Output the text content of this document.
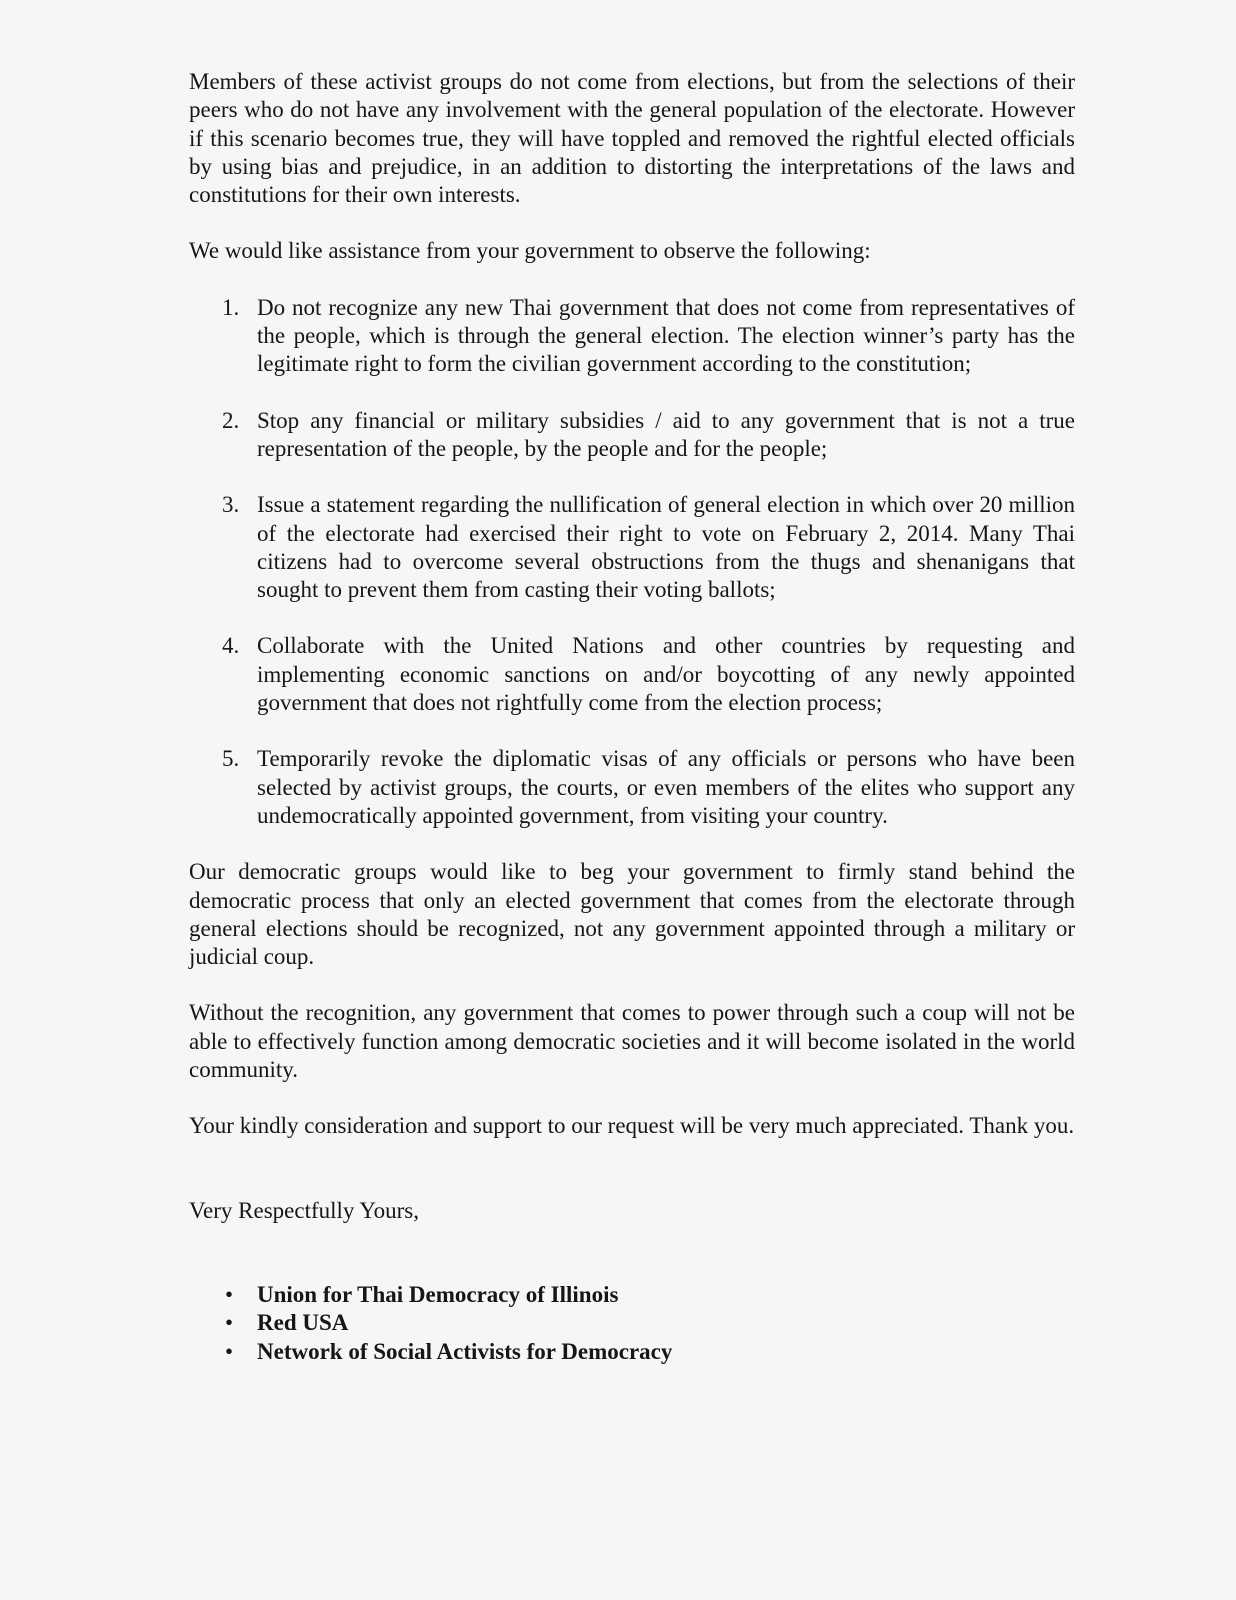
Members of these activist groups do not come from elections, but from the selections of their peers who do not have any involvement with the general population of the electorate. However if this scenario becomes true, they will have toppled and removed the rightful elected officials by using bias and prejudice, in an addition to distorting the interpretations of the laws and constitutions for their own interests.

We would like assistance from your government to observe the following:

1. Do not recognize any new Thai government that does not come from representatives of the people, which is through the general election. The election winner’s party has the legitimate right to form the civilian government according to the constitution;
2. Stop any financial or military subsidies / aid to any government that is not a true representation of the people, by the people and for the people;
3. Issue a statement regarding the nullification of general election in which over 20 million of the electorate had exercised their right to vote on February 2, 2014. Many Thai citizens had to overcome several obstructions from the thugs and shenanigans that sought to prevent them from casting their voting ballots;
4. Collaborate with the United Nations and other countries by requesting and implementing economic sanctions on and/or boycotting of any newly appointed government that does not rightfully come from the election process;
5. Temporarily revoke the diplomatic visas of any officials or persons who have been selected by activist groups, the courts, or even members of the elites who support any undemocratically appointed government, from visiting your country.

Our democratic groups would like to beg your government to firmly stand behind the democratic process that only an elected government that comes from the electorate through general elections should be recognized, not any government appointed through a military or judicial coup.

Without the recognition, any government that comes to power through such a coup will not be able to effectively function among democratic societies and it will become isolated in the world community.

Your kindly consideration and support to our request will be very much appreciated. Thank you.

Very Respectfully Yours,

• Union for Thai Democracy of Illinois
• Red USA
• Network of Social Activists for Democracy
